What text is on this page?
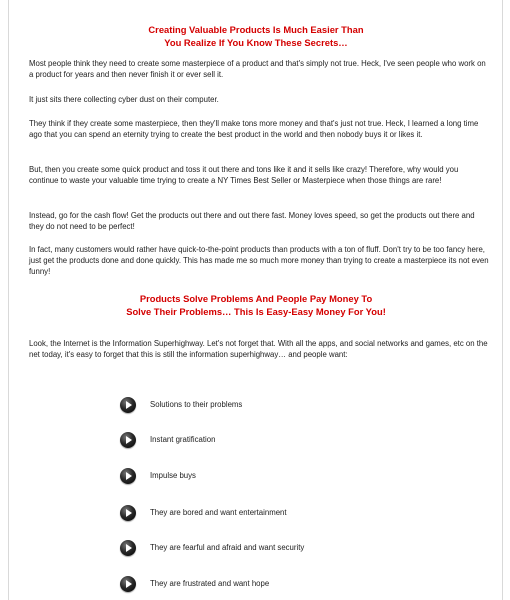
Creating Valuable Products Is Much Easier Than
You Realize If You Know These Secrets…

Most people think they need to create some masterpiece of a product and that's simply not true. Heck, I've seen people who work on a product for years and then never finish it or ever sell it.

It just sits there collecting cyber dust on their computer.

They think if they create some masterpiece, then they'll make tons more money and that's just not true. Heck, I learned a long time ago that you can spend an eternity trying to create the best product in the world and then nobody buys it or likes it.

But, then you create some quick product and toss it out there and tons like it and it sells like crazy! Therefore, why would you continue to waste your valuable time trying to create a NY Times Best Seller or Masterpiece when those things are rare!

Instead, go for the cash flow! Get the products out there and out there fast. Money loves speed, so get the products out there and they do not need to be perfect!

In fact, many customers would rather have quick-to-the-point products than products with a ton of fluff. Don't try to be too fancy here, just get the products done and done quickly. This has made me so much more money than trying to create a masterpiece its not even funny!

Products Solve Problems And People Pay Money To
Solve Their Problems… This Is Easy-Easy Money For You!

Look, the Internet is the Information Superhighway. Let's not forget that. With all the apps, and social networks and games, etc on the net today, it's easy to forget that this is still the information superhighway… and people want:

Solutions to their problems
Instant gratification
Impulse buys
They are bored and want entertainment
They are fearful and afraid and want security
They are frustrated and want hope
